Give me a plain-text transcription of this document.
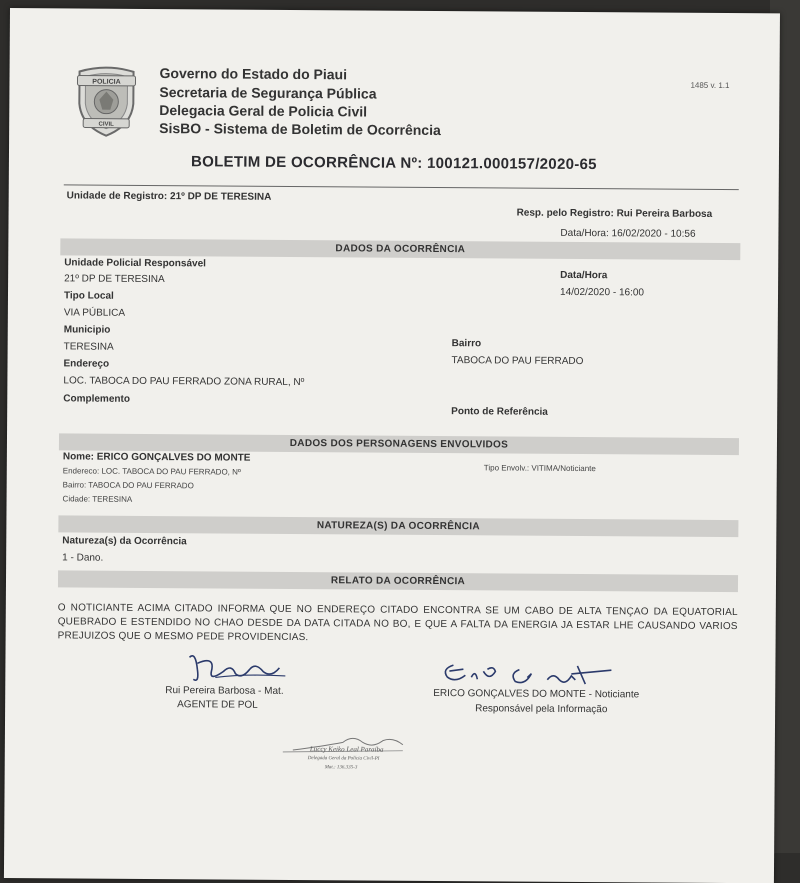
POLICIA
CIVIL
Governo do Estado do Piaui
Secretaria de Segurança Pública
Delegacia Geral de Policia Civil
SisBO - Sistema de Boletim de Ocorrência
1485 v. 1.1
BOLETIM DE OCORRÊNCIA Nº: 100121.000157/2020-65
Unidade de Registro: 21º DP DE TERESINA
Resp. pelo Registro: Rui Pereira Barbosa
Data/Hora: 16/02/2020 - 10:56
DADOS DA OCORRÊNCIA
Unidade Policial Responsável
21º DP DE TERESINA	Data/Hora
14/02/2020 - 16:00
Tipo Local
VIA PÚBLICA
Municipio
TERESINA	Bairro
TABOCA DO PAU FERRADO
Endereço
LOC. TABOCA DO PAU FERRADO ZONA RURAL, Nº
Complemento
Ponto de Referência
DADOS DOS PERSONAGENS ENVOLVIDOS
Nome: ERICO GONÇALVES DO MONTE
Tipo Envolv.: VITIMA/Noticiante
Endereco: LOC. TABOCA DO PAU FERRADO, Nº
Bairro: TABOCA DO PAU FERRADO
Cidade: TERESINA
NATUREZA(S) DA OCORRÊNCIA
Natureza(s) da Ocorrência
1 - Dano.
RELATO DA OCORRÊNCIA
O NOTICIANTE ACIMA CITADO INFORMA QUE NO ENDEREÇO CITADO ENCONTRA SE UM CABO DE ALTA TENÇAO DA EQUATORIAL QUEBRADO E ESTENDIDO NO CHAO DESDE DA DATA CITADA NO BO, E QUE A FALTA DA ENERGIA JA ESTAR LHE CAUSANDO VARIOS PREJUIZOS QUE O MESMO PEDE PROVIDENCIAS.
Rui Pereira Barbosa - Mat.
AGENTE DE POL
ERICO GONÇALVES DO MONTE - Noticiante
Responsável pela Informação
Luccy Keiko Leal Paraíba
Delegada Geral da Polícia Civil-PI
Mat.: 136.335-3
